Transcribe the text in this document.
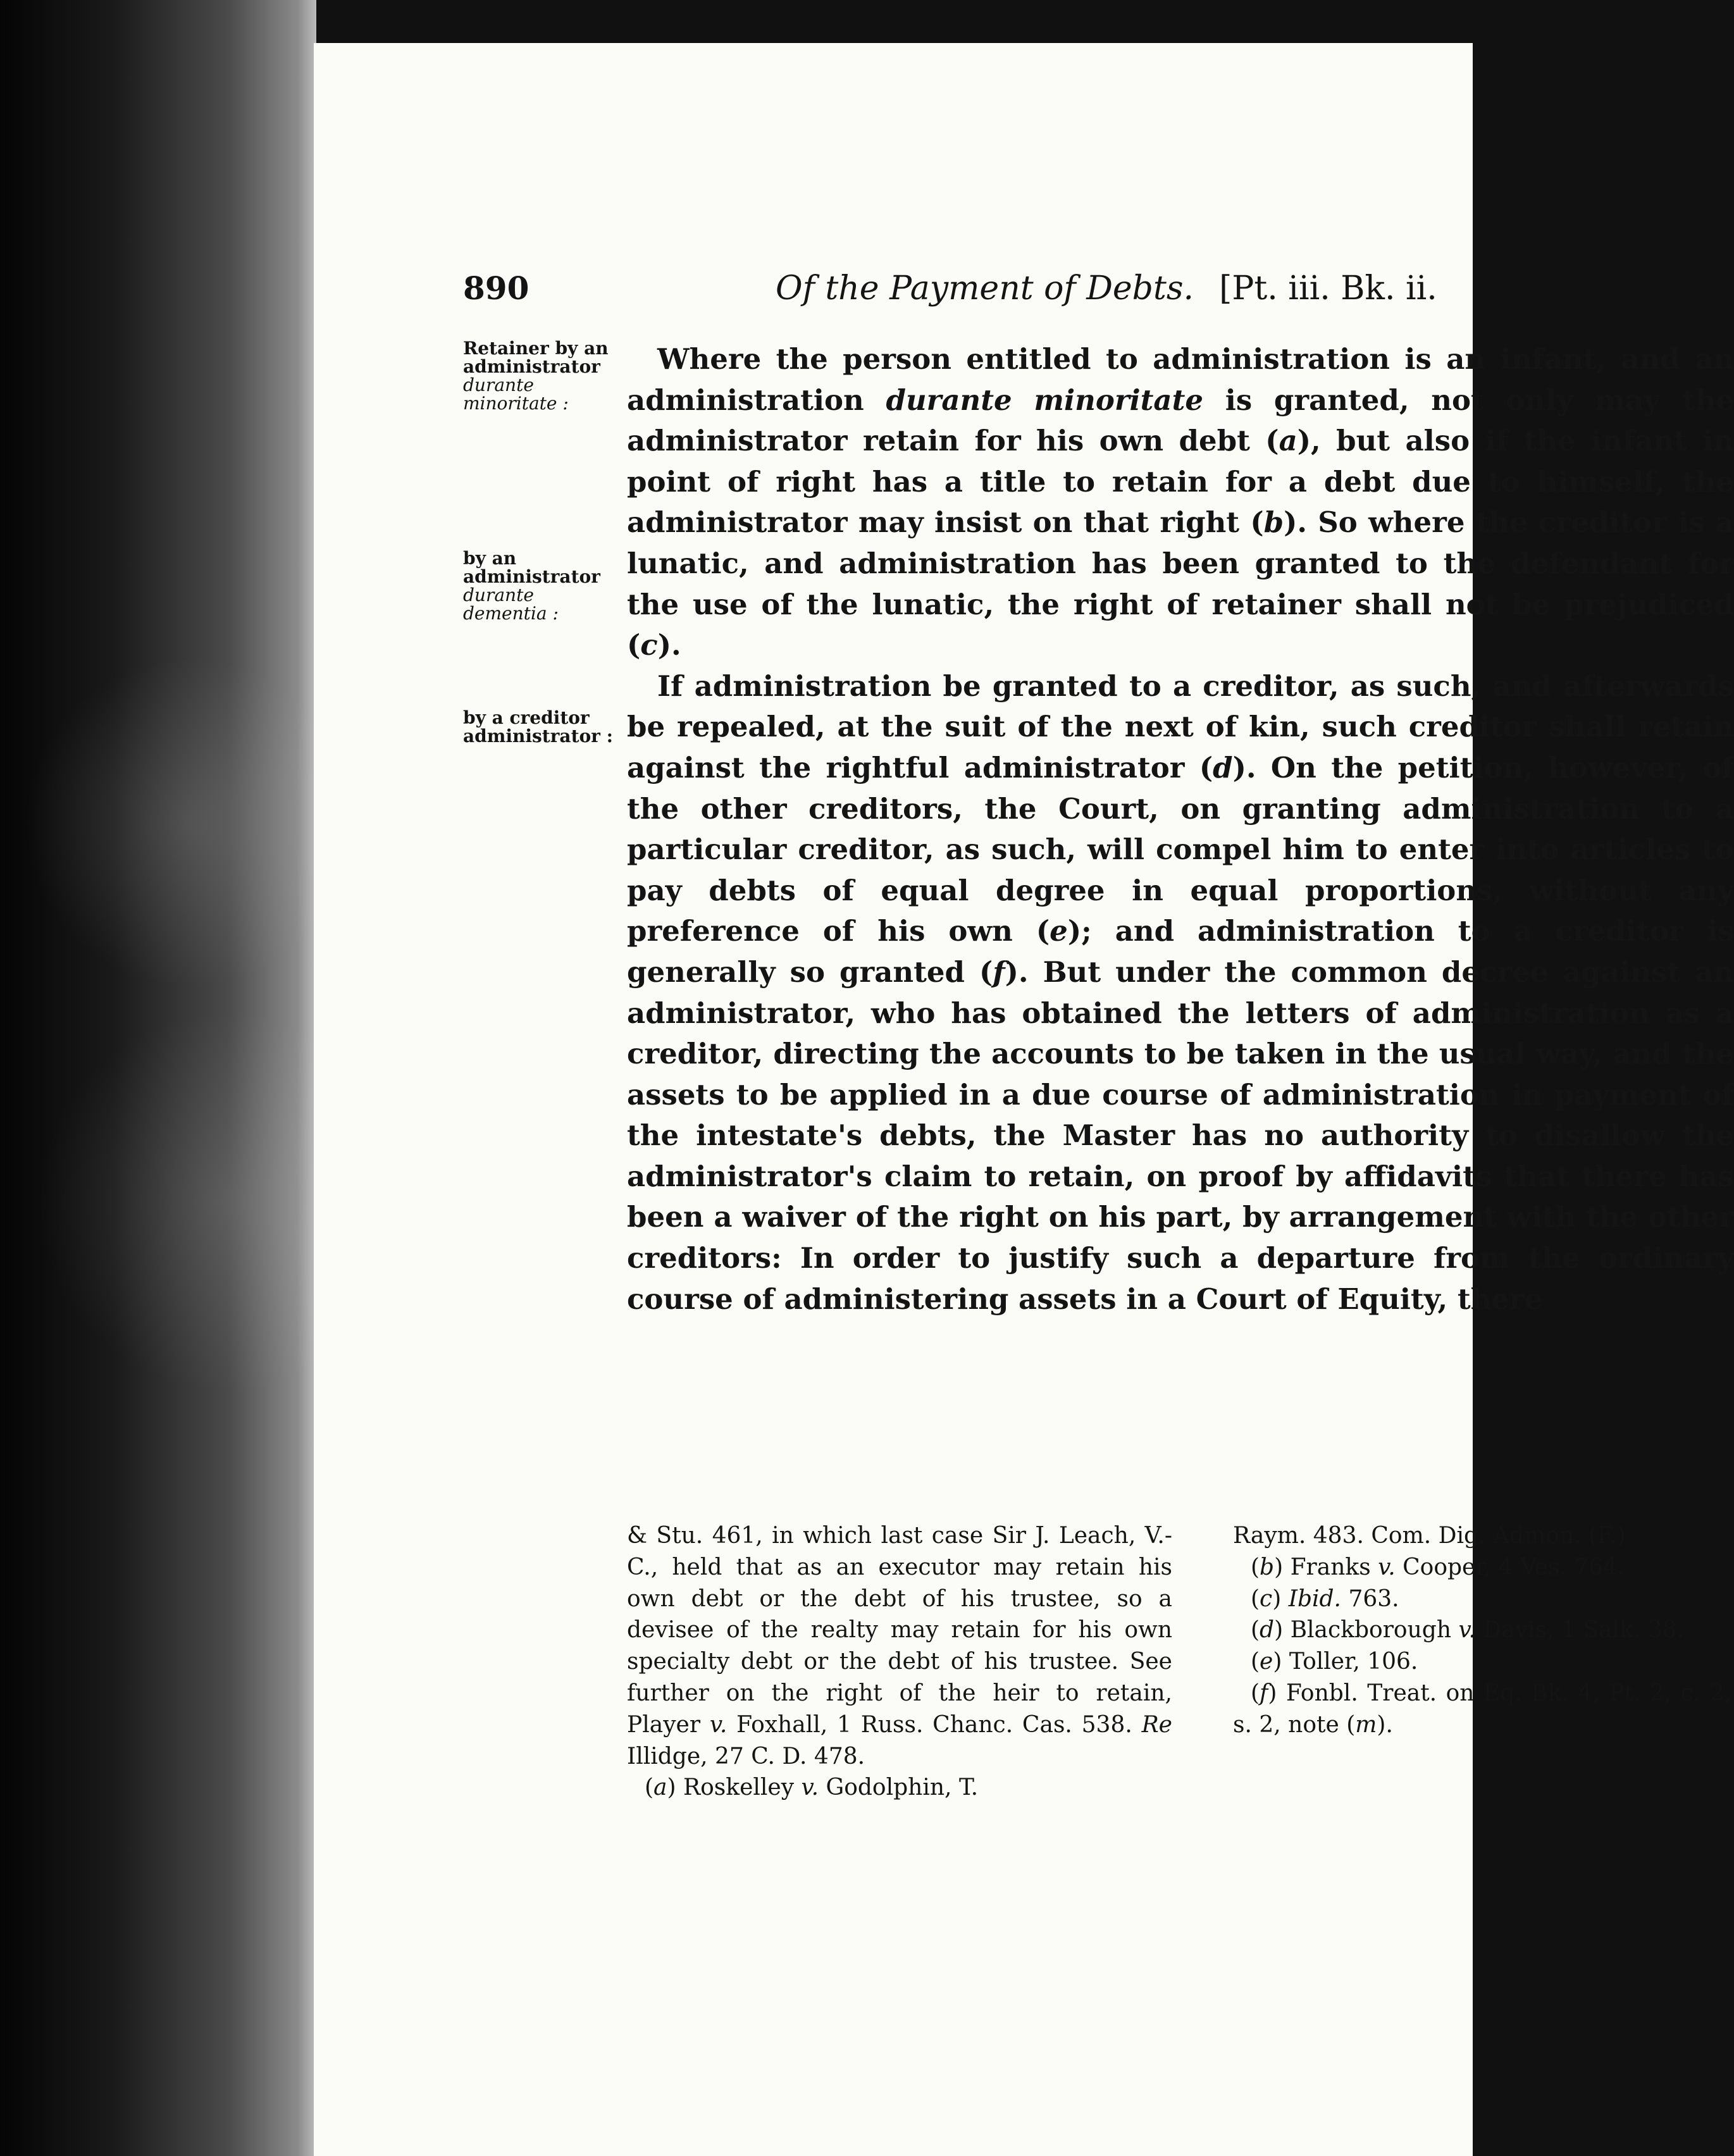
890	Of the Payment of Debts. [Pt. iii. Bk. ii.
Retainer by an administrator durante minoritate :
by an administrator durante dementia :
by a creditor administrator :

Where the person entitled to administration is an infant, and an administration durante minoritate is granted, not only may the administrator retain for his own debt (a), but also if the infant in point of right has a title to retain for a debt due to himself, the administrator may insist on that right (b). So where the creditor is a lunatic, and administration has been granted to the defendant for the use of the lunatic, the right of retainer shall not be prejudiced (c).

If administration be granted to a creditor, as such, and afterwards be repealed, at the suit of the next of kin, such creditor shall retain against the rightful administrator (d). On the petition, however, of the other creditors, the Court, on granting administration to a particular creditor, as such, will compel him to enter into articles to pay debts of equal degree in equal proportions, without any preference of his own (e); and administration to a creditor is generally so granted (f). But under the common decree against an administrator, who has obtained the letters of administration as a creditor, directing the accounts to be taken in the usual way, and the assets to be applied in a due course of administration in payment of the intestate's debts, the Master has no authority to disallow the administrator's claim to retain, on proof by affidavits that there has been a waiver of the right on his part, by arrangement with the other creditors: In order to justify such a departure from the ordinary course of administering assets in a Court of Equity, there

& Stu. 461, in which last case Sir J. Leach, V.-C., held that as an executor may retain his own debt or the debt of his trustee, so a devisee of the realty may retain for his own specialty debt or the debt of his trustee. See further on the right of the heir to retain, Player v. Foxhall, 1 Russ. Chanc. Cas. 538. Re Illidge, 27 C. D. 478.

(a) Roskelley v. Godolphin, T.

Raym. 483. Com. Dig. Admon. (F.)

(b) Franks v. Cooper, 4 Ves. 764.

(c) Ibid. 763.

(d) Blackborough v. Davis, 1 Salk. 38.

(e) Toller, 106.

(f) Fonbl. Treat. on Eq. Bk. 4, Pt. 2, c. 2, s. 2, note (m).
